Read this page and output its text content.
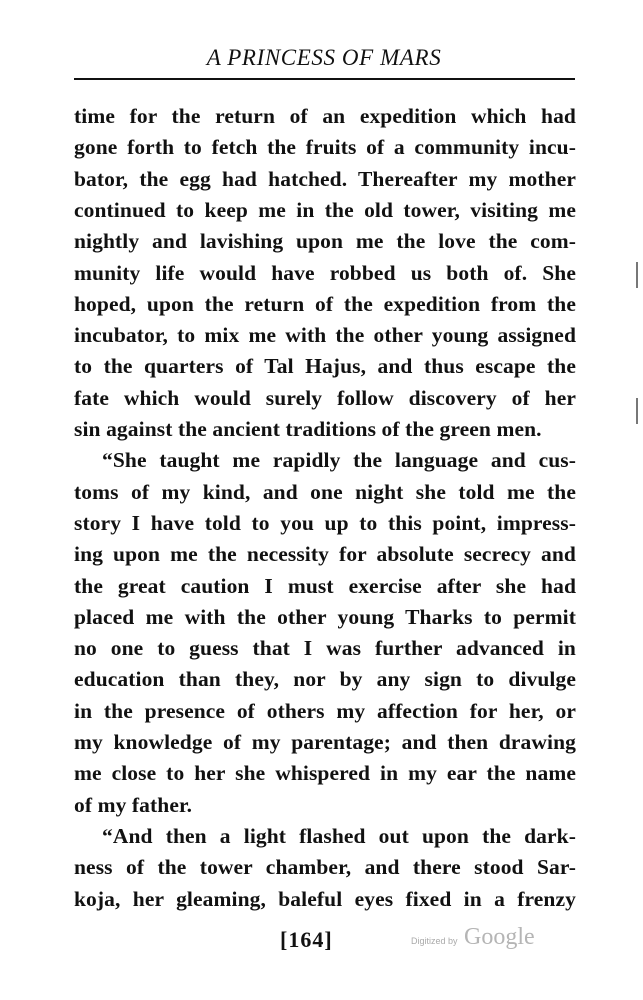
A PRINCESS OF MARS
time for the return of an expedition which had
gone forth to fetch the fruits of a community incu-
bator, the egg had hatched. Thereafter my mother
continued to keep me in the old tower, visiting me
nightly and lavishing upon me the love the com-
munity life would have robbed us both of. She
hoped, upon the return of the expedition from the
incubator, to mix me with the other young assigned
to the quarters of Tal Hajus, and thus escape the
fate which would surely follow discovery of her
sin against the ancient traditions of the green men.
“She taught me rapidly the language and cus-
toms of my kind, and one night she told me the
story I have told to you up to this point, impress-
ing upon me the necessity for absolute secrecy and
the great caution I must exercise after she had
placed me with the other young Tharks to permit
no one to guess that I was further advanced in
education than they, nor by any sign to divulge
in the presence of others my affection for her, or
my knowledge of my parentage; and then drawing
me close to her she whispered in my ear the name
of my father.
“And then a light flashed out upon the dark-
ness of the tower chamber, and there stood Sar-
koja, her gleaming, baleful eyes fixed in a frenzy
[164]	Digitized by Google
